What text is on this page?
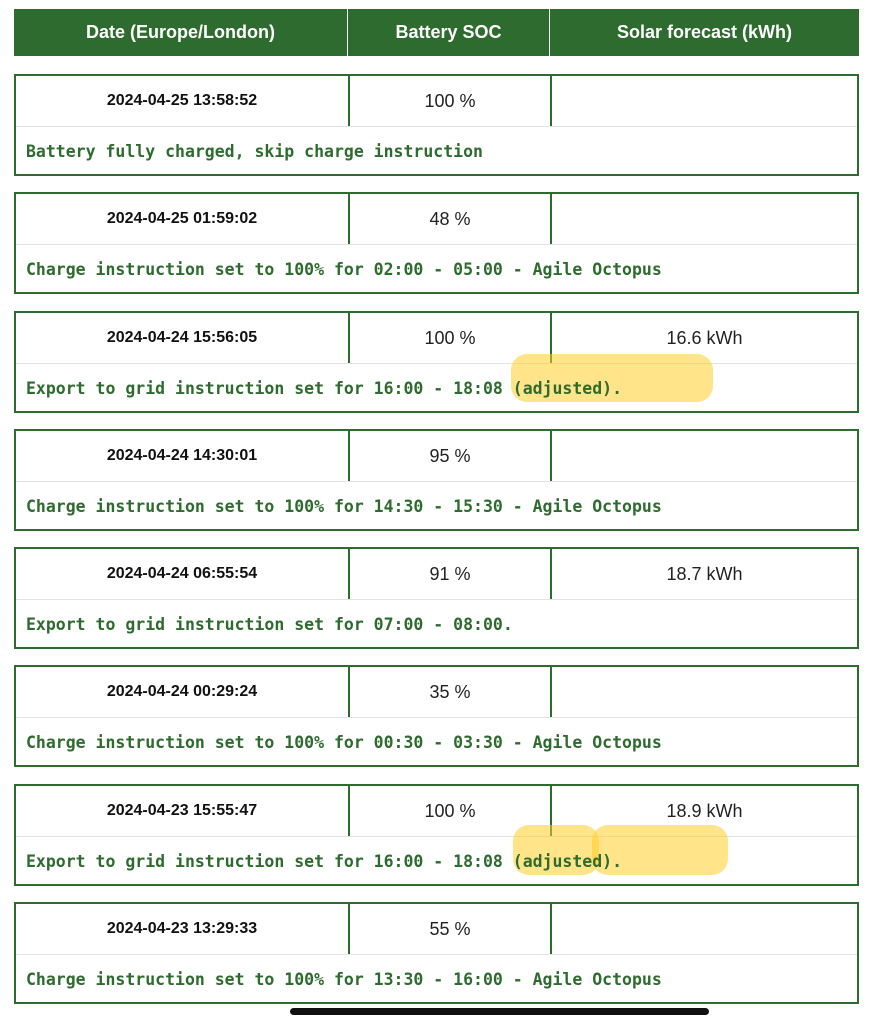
Date (Europe/London)	Battery SOC	Solar forecast (kWh)
2024-04-25 13:58:52	100 %
Battery fully charged, skip charge instruction
2024-04-25 01:59:02	48 %
Charge instruction set to 100% for 02:00 - 05:00 - Agile Octopus
2024-04-24 15:56:05	100 %	16.6 kWh
Export to grid instruction set for 16:00 - 18:08 (adjusted).
2024-04-24 14:30:01	95 %
Charge instruction set to 100% for 14:30 - 15:30 - Agile Octopus
2024-04-24 06:55:54	91 %	18.7 kWh
Export to grid instruction set for 07:00 - 08:00.
2024-04-24 00:29:24	35 %
Charge instruction set to 100% for 00:30 - 03:30 - Agile Octopus
2024-04-23 15:55:47	100 %	18.9 kWh
Export to grid instruction set for 16:00 - 18:08 (adjusted).
2024-04-23 13:29:33	55 %
Charge instruction set to 100% for 13:30 - 16:00 - Agile Octopus
